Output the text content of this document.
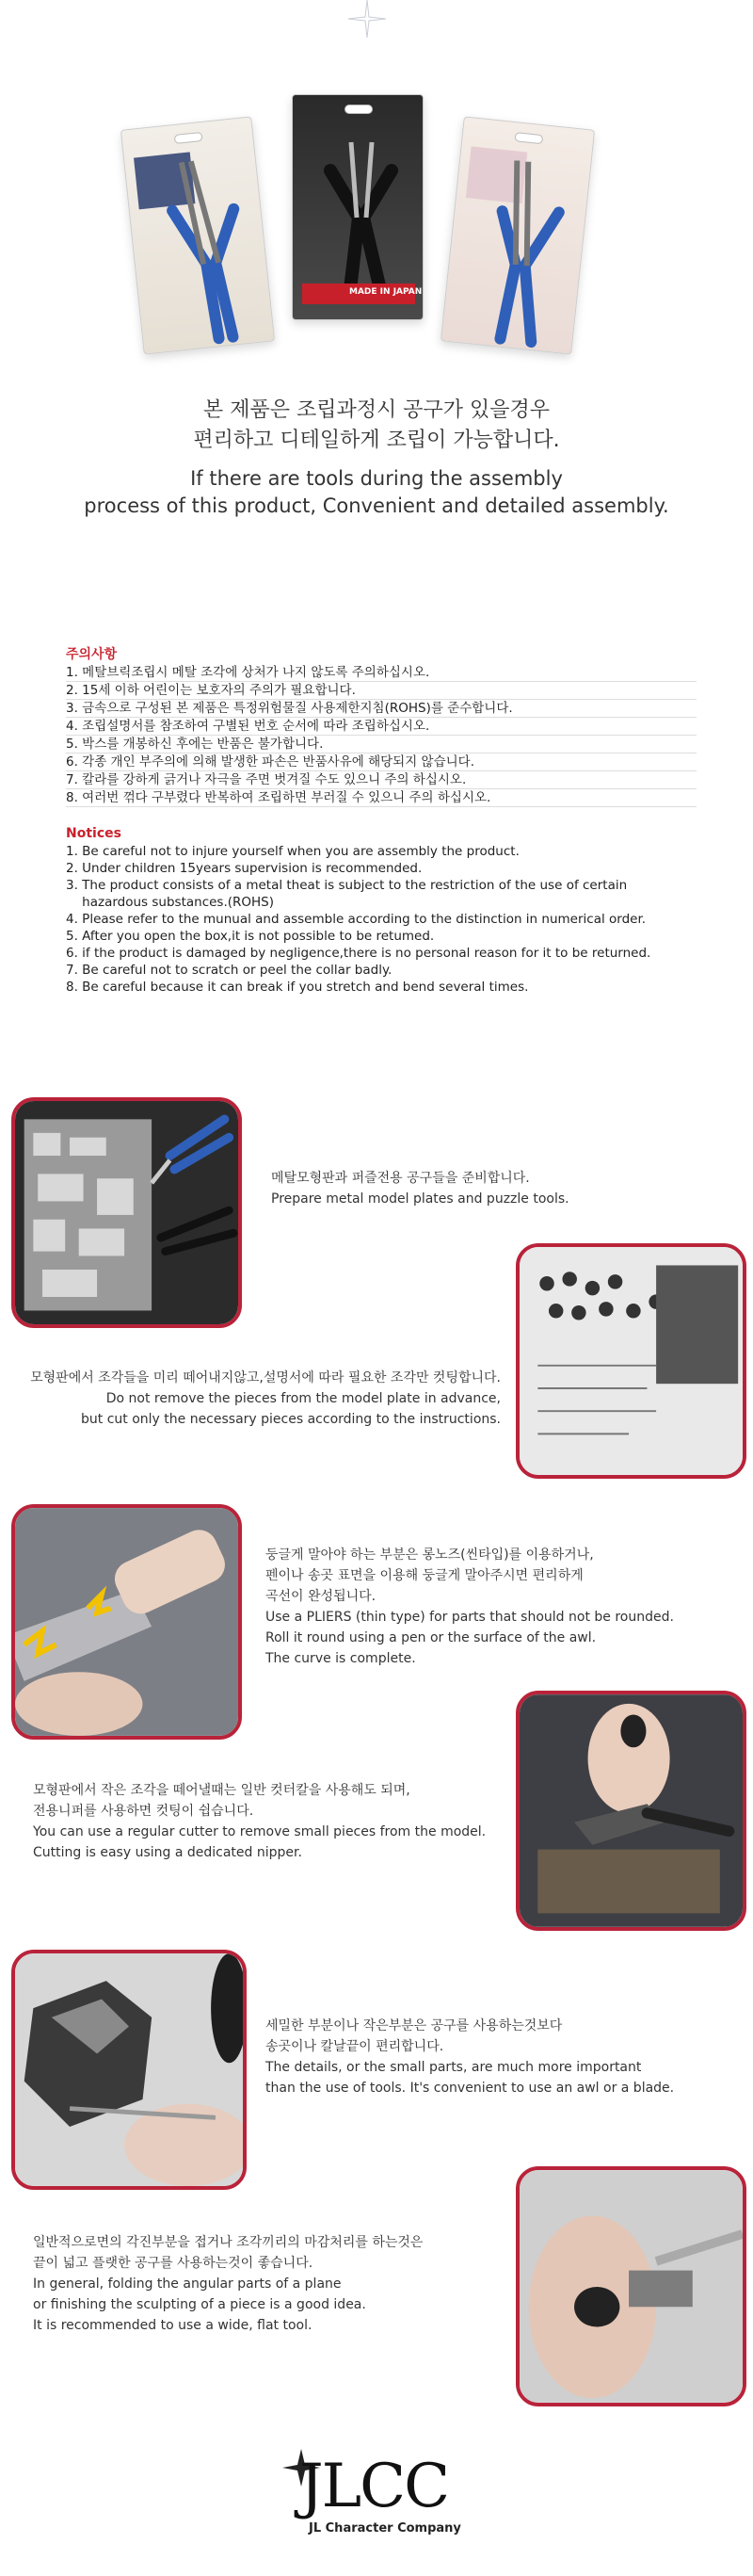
MADE IN JAPAN

본 제품은 조립과정시 공구가 있을경우

편리하고 디테일하게 조립이 가능합니다.

If there are tools during the assembly

process of this product, Convenient and detailed assembly.

주의사항
1. 메탈브릭조립시 메탈 조각에 상처가 나지 않도록 주의하십시오.
2. 15세 이하 어린이는 보호자의 주의가 필요합니다.
3. 금속으로 구성된 본 제품은 특정위험물질 사용제한지침(ROHS)를 준수합니다.
4. 조립설명서를 참조하여 구별된 번호 순서에 따라 조립하십시오.
5. 박스를 개봉하신 후에는 반품은 불가합니다.
6. 각종 개인 부주의에 의해 발생한 파손은 반품사유에 해당되지 않습니다.
7. 칼라를 강하게 긁거나 자극을 주면 벗겨질 수도 있으니 주의 하십시오.
8. 여러번 꺾다 구부렸다 반복하여 조립하면 부러질 수 있으니 주의 하십시오.
Notices
1. Be careful not to injure yourself when you are assembly the product.
2. Under children 15years supervision is recommended.
3. The product consists of a metal theat is subject to the restriction of the use of certain
hazardous substances.(ROHS)
4. Please refer to the munual and assemble according to the distinction in numerical order.
5. After you open the box,it is not possible to be retumed.
6. if the product is damaged by negligence,there is no personal reason for it to be returned.
7. Be careful not to scratch or peel the collar badly.
8. Be careful because it can break if you stretch and bend several times.

메탈모형판과 퍼즐전용 공구들을 준비합니다.

Prepare metal model plates and puzzle tools.

모형판에서 조각들을 미리 떼어내지않고,설명서에 따라 필요한 조각만 컷팅합니다.

Do not remove the pieces from the model plate in advance,

but cut only the necessary pieces according to the instructions.

둥글게 말아야 하는 부분은 롱노즈(씬타입)를 이용하거나,

펜이나 송곳 표면을 이용해 둥글게 말아주시면 편리하게

곡선이 완성됩니다.

Use a PLIERS (thin type) for parts that should not be rounded.

Roll it round using a pen or the surface of the awl.

The curve is complete.

모형판에서 작은 조각을 떼어낼때는 일반 컷터칼을 사용해도 되며,

전용니퍼를 사용하면 컷팅이 쉽습니다.

You can use a regular cutter to remove small pieces from the model.

Cutting is easy using a dedicated nipper.

세밀한 부분이나 작은부분은 공구를 사용하는것보다

송곳이나 칼날끝이 편리합니다.

The details, or the small parts, are much more important

than the use of tools. It's convenient to use an awl or a blade.

일반적으로면의 각진부분을 접거나 조각끼리의 마감처리를 하는것은

끝이 넓고 플랫한 공구를 사용하는것이 좋습니다.

In general, folding the angular parts of a plane

or finishing the sculpting of a piece is a good idea.

It is recommended to use a wide, flat tool.

JLCC
JL Character Company
